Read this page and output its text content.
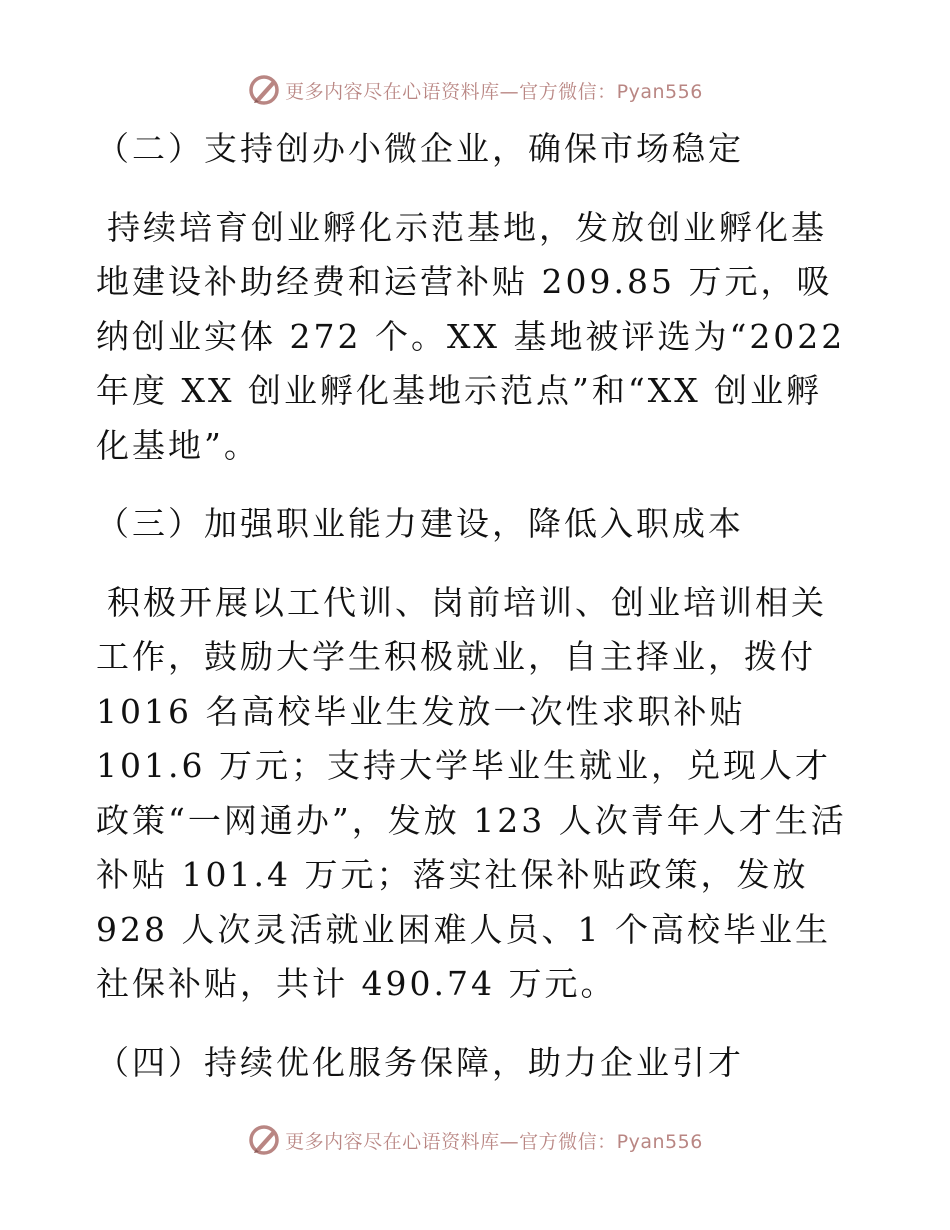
更多内容尽在心语资料库—官方微信：Pyan556
（二）支持创办小微企业，确保市场稳定
持续培育创业孵化示范基地，发放创业孵化基地建设补助经费和运营补贴 209.85 万元，吸纳创业实体 272 个。XX 基地被评选为“2022 年度 XX 创业孵化基地示范点”和“XX 创业孵化基地”。
（三）加强职业能力建设，降低入职成本
积极开展以工代训、岗前培训、创业培训相关工作，鼓励大学生积极就业，自主择业，拨付 1016 名高校毕业生发放一次性求职补贴 101.6 万元；支持大学毕业生就业，兑现人才政策“一网通办”，发放 123 人次青年人才生活补贴 101.4 万元；落实社保补贴政策，发放 928 人次灵活就业困难人员、1 个高校毕业生社保补贴，共计 490.74 万元。
（四）持续优化服务保障，助力企业引才
更多内容尽在心语资料库—官方微信：Pyan556
